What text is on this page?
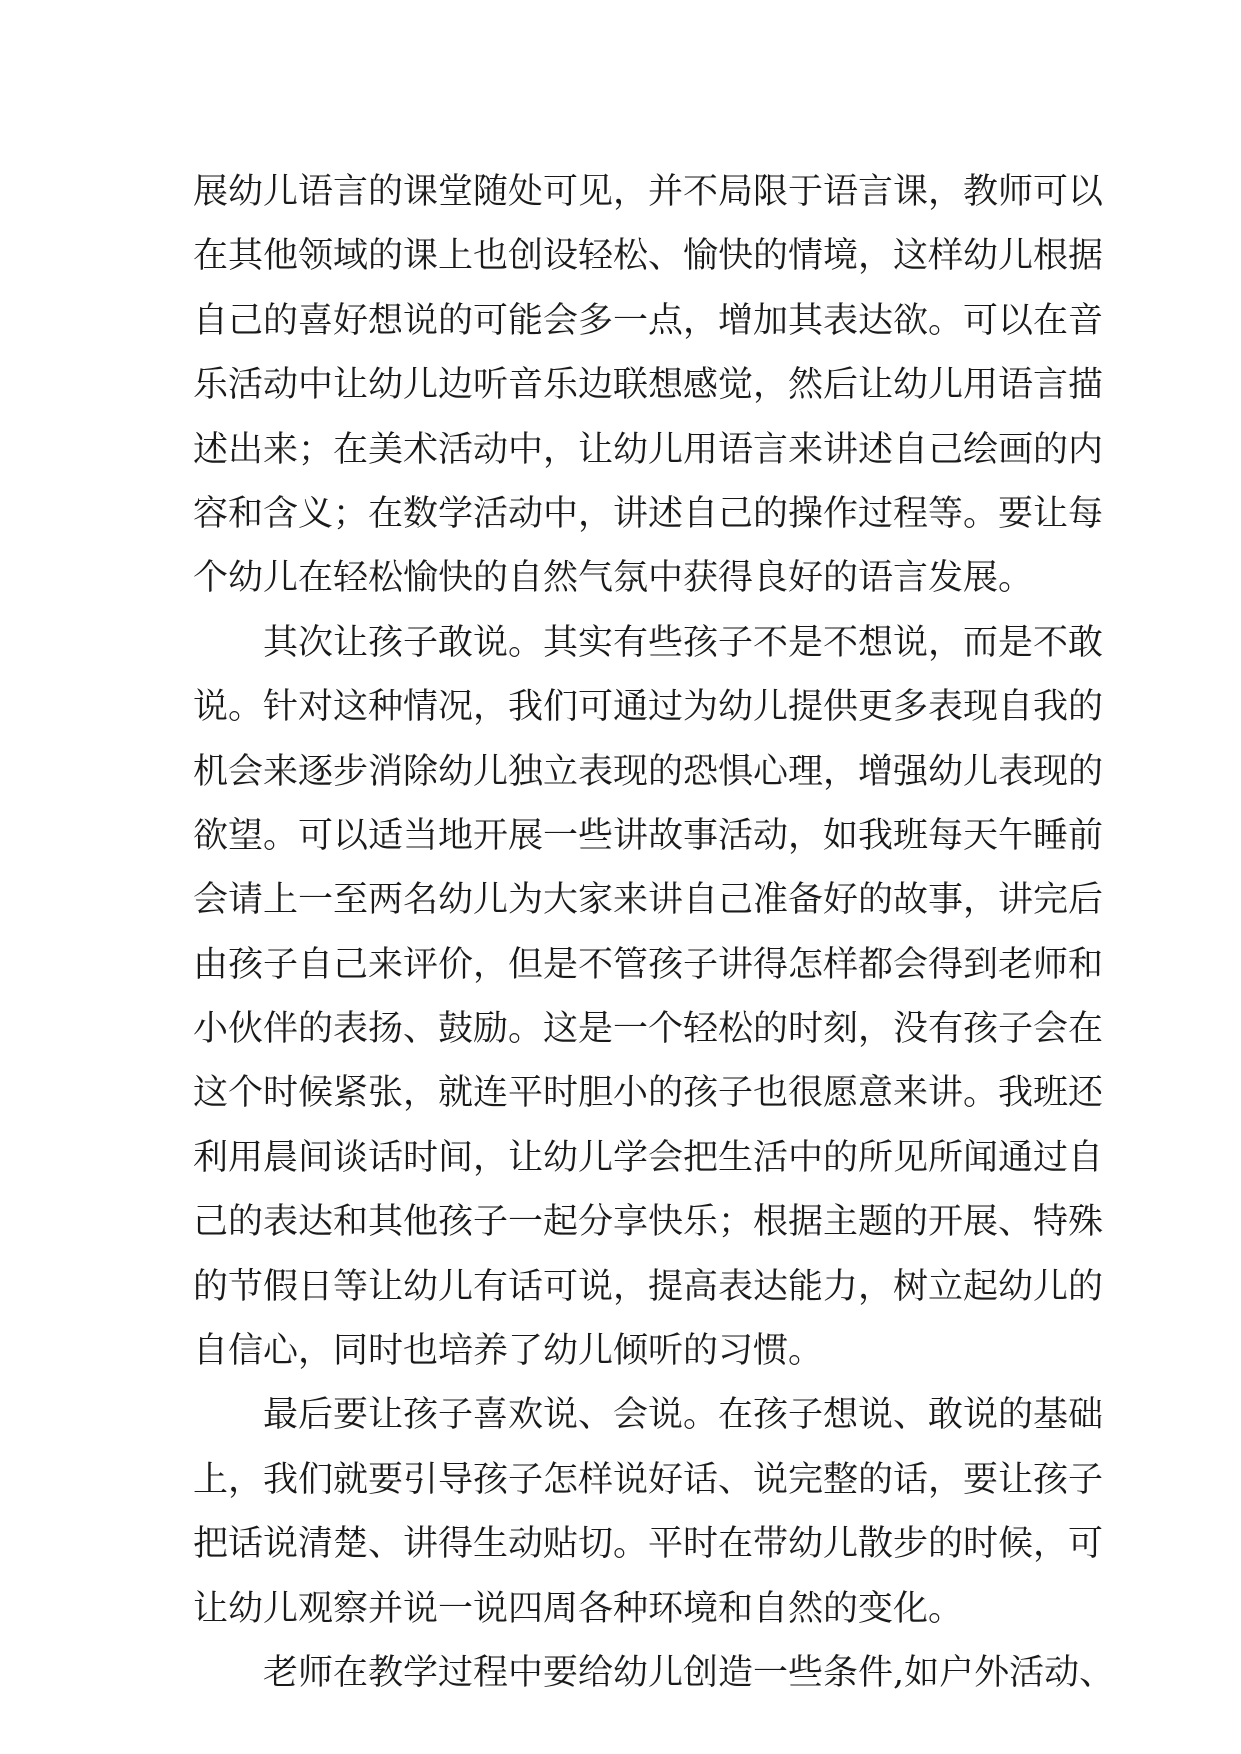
展幼儿语言的课堂随处可见，并不局限于语言课，教师可以
在其他领域的课上也创设轻松、愉快的情境，这样幼儿根据
自己的喜好想说的可能会多一点，增加其表达欲。可以在音
乐活动中让幼儿边听音乐边联想感觉，然后让幼儿用语言描
述出来；在美术活动中，让幼儿用语言来讲述自己绘画的内
容和含义；在数学活动中，讲述自己的操作过程等。要让每
个幼儿在轻松愉快的自然气氛中获得良好的语言发展。
其次让孩子敢说。其实有些孩子不是不想说，而是不敢
说。针对这种情况，我们可通过为幼儿提供更多表现自我的
机会来逐步消除幼儿独立表现的恐惧心理，增强幼儿表现的
欲望。可以适当地开展一些讲故事活动，如我班每天午睡前
会请上一至两名幼儿为大家来讲自己准备好的故事，讲完后
由孩子自己来评价，但是不管孩子讲得怎样都会得到老师和
小伙伴的表扬、鼓励。这是一个轻松的时刻，没有孩子会在
这个时候紧张，就连平时胆小的孩子也很愿意来讲。我班还
利用晨间谈话时间，让幼儿学会把生活中的所见所闻通过自
己的表达和其他孩子一起分享快乐；根据主题的开展、特殊
的节假日等让幼儿有话可说，提高表达能力，树立起幼儿的
自信心，同时也培养了幼儿倾听的习惯。
最后要让孩子喜欢说、会说。在孩子想说、敢说的基础
上，我们就要引导孩子怎样说好话、说完整的话，要让孩子
把话说清楚、讲得生动贴切。平时在带幼儿散步的时候，可
让幼儿观察并说一说四周各种环境和自然的变化。
老师在教学过程中要给幼儿创造一些条件,如户外活动、
